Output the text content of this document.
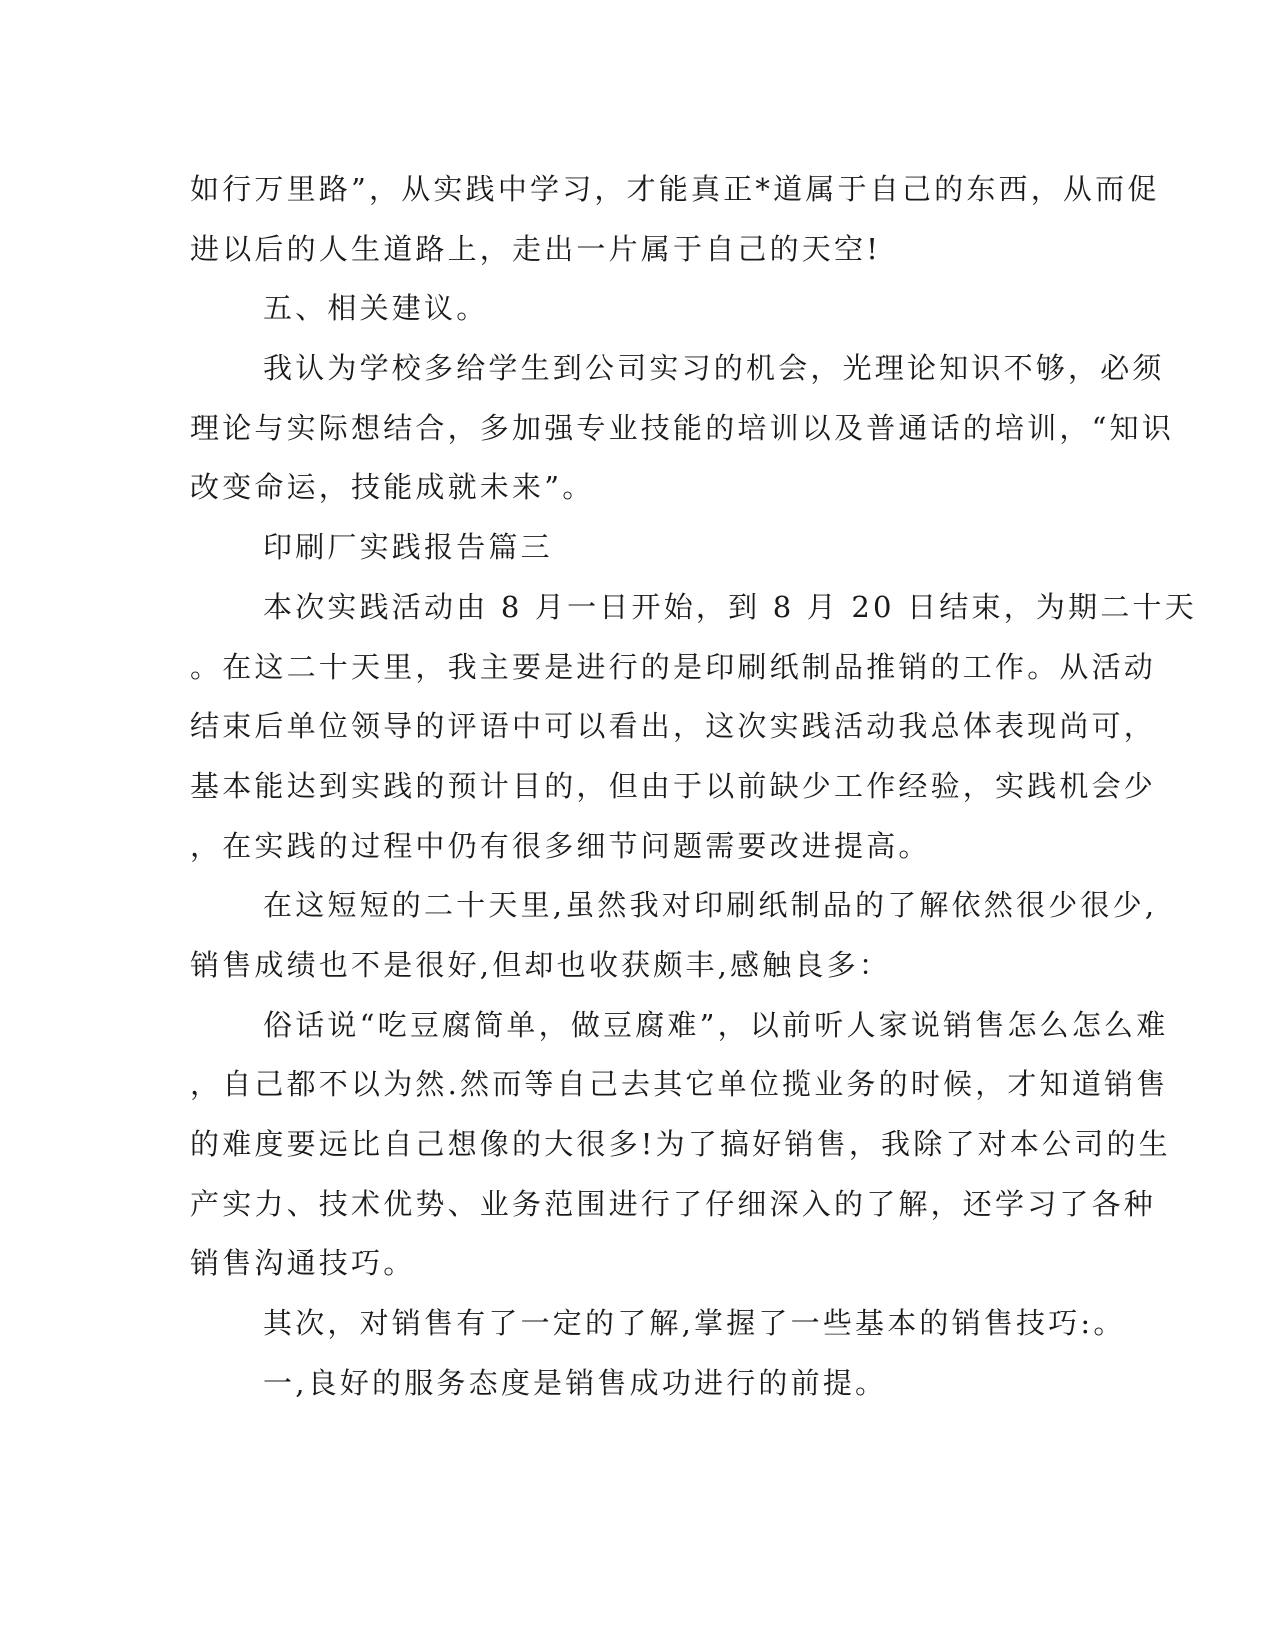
如行万里路”，从实践中学习，才能真正*道属于自己的东西，从而促
进以后的人生道路上，走出一片属于自己的天空!
五、相关建议。
我认为学校多给学生到公司实习的机会，光理论知识不够，必须
理论与实际想结合，多加强专业技能的培训以及普通话的培训，“知识
改变命运，技能成就未来”。
印刷厂实践报告篇三
本次实践活动由 8 月一日开始，到 8 月 20 日结束，为期二十天
。在这二十天里，我主要是进行的是印刷纸制品推销的工作。从活动
结束后单位领导的评语中可以看出，这次实践活动我总体表现尚可，
基本能达到实践的预计目的，但由于以前缺少工作经验，实践机会少
，在实践的过程中仍有很多细节问题需要改进提高。
在这短短的二十天里,虽然我对印刷纸制品的了解依然很少很少,
销售成绩也不是很好,但却也收获颇丰,感触良多：
俗话说“吃豆腐简单，做豆腐难”，以前听人家说销售怎么怎么难
，自己都不以为然.然而等自己去其它单位揽业务的时候，才知道销售
的难度要远比自己想像的大很多!为了搞好销售，我除了对本公司的生
产实力、技术优势、业务范围进行了仔细深入的了解，还学习了各种
销售沟通技巧。
其次，对销售有了一定的了解,掌握了一些基本的销售技巧:。
一,良好的服务态度是销售成功进行的前提。
